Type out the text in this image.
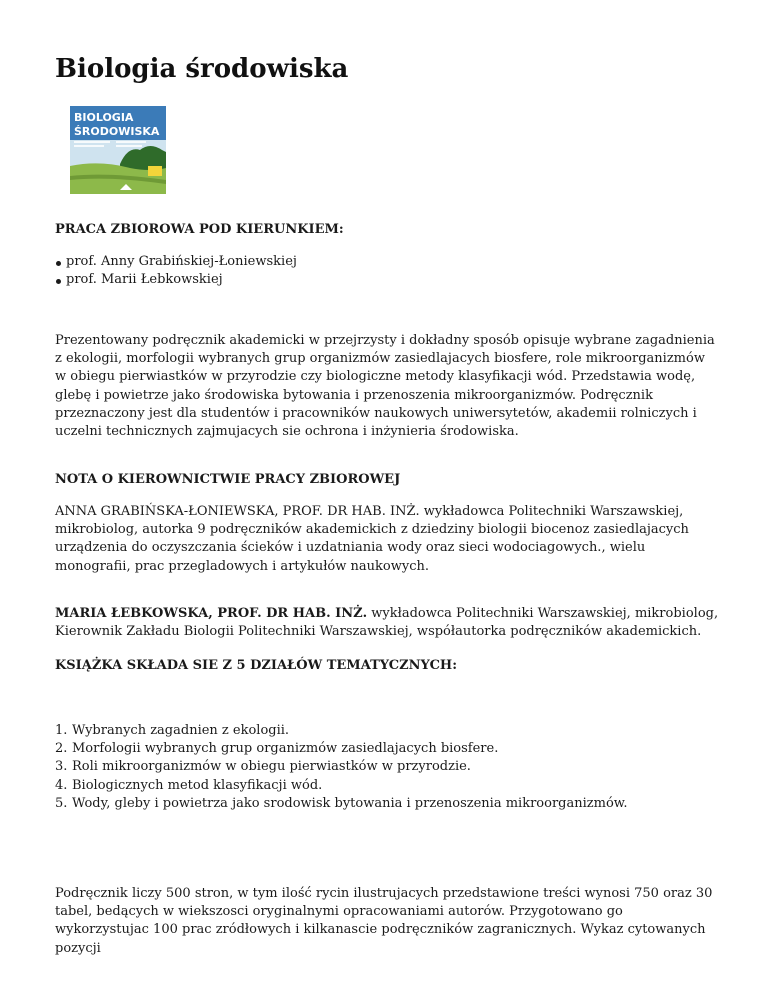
Biologia środowiska
BIOLOGIA
ŚRODOWISKA
PRACA ZBIOROWA POD KIERUNKIEM:
prof. Anny Grabińskiej-Łoniewskiej
prof. Marii Łebkowskiej

Prezentowany podręcznik akademicki w przejrzysty i dokładny sposób opisuje wybrane zagadnienia z ekologii, morfologii wybranych grup organizmów zasiedlajacych biosfere, role mikroorganizmów w obiegu pierwiastków w przyrodzie czy biologiczne metody klasyfikacji wód. Przedstawia wodę, glebę i powietrze jako środowiska bytowania i przenoszenia mikroorganizmów. Podręcznik przeznaczony jest dla studentów i pracowników naukowych uniwersytetów, akademii rolniczych i uczelni technicznych zajmujacych sie ochrona i inżynieria środowiska.

NOTA O KIEROWNICTWIE PRACY ZBIOROWEJ

ANNA GRABIŃSKA-ŁONIEWSKA, PROF. DR HAB. INŻ. wykładowca Politechniki Warszawskiej, mikrobiolog, autorka 9 podręczników akademickich z dziedziny biologii biocenoz zasiedlajacych urządzenia do oczyszczania ścieków i uzdatniania wody oraz sieci wodociagowych., wielu monografii, prac przegladowych i artykułów naukowych.

MARIA ŁEBKOWSKA, PROF. DR HAB. INŻ. wykładowca Politechniki Warszawskiej, mikrobiolog, Kierownik Zakładu Biologii Politechniki Warszawskiej, współautorka podręczników akademickich.

KSIĄŻKA SKŁADA SIE Z 5 DZIAŁÓW TEMATYCZNYCH:
1. Wybranych zagadnien z ekologii.
2. Morfologii wybranych grup organizmów zasiedlajacych biosfere.
3. Roli mikroorganizmów w obiegu pierwiastków w przyrodzie.
4. Biologicznych metod klasyfikacji wód.
5. Wody, gleby i powietrza jako srodowisk bytowania i przenoszenia mikroorganizmów.

Podręcznik liczy 500 stron, w tym ilość rycin ilustrujacych przedstawione treści wynosi 750 oraz 30 tabel, bedących w wiekszosci oryginalnymi opracowaniami autorów. Przygotowano go wykorzystujac 100 prac zródłowych i kilkanascie podręczników zagranicznych. Wykaz cytowanych pozycji
